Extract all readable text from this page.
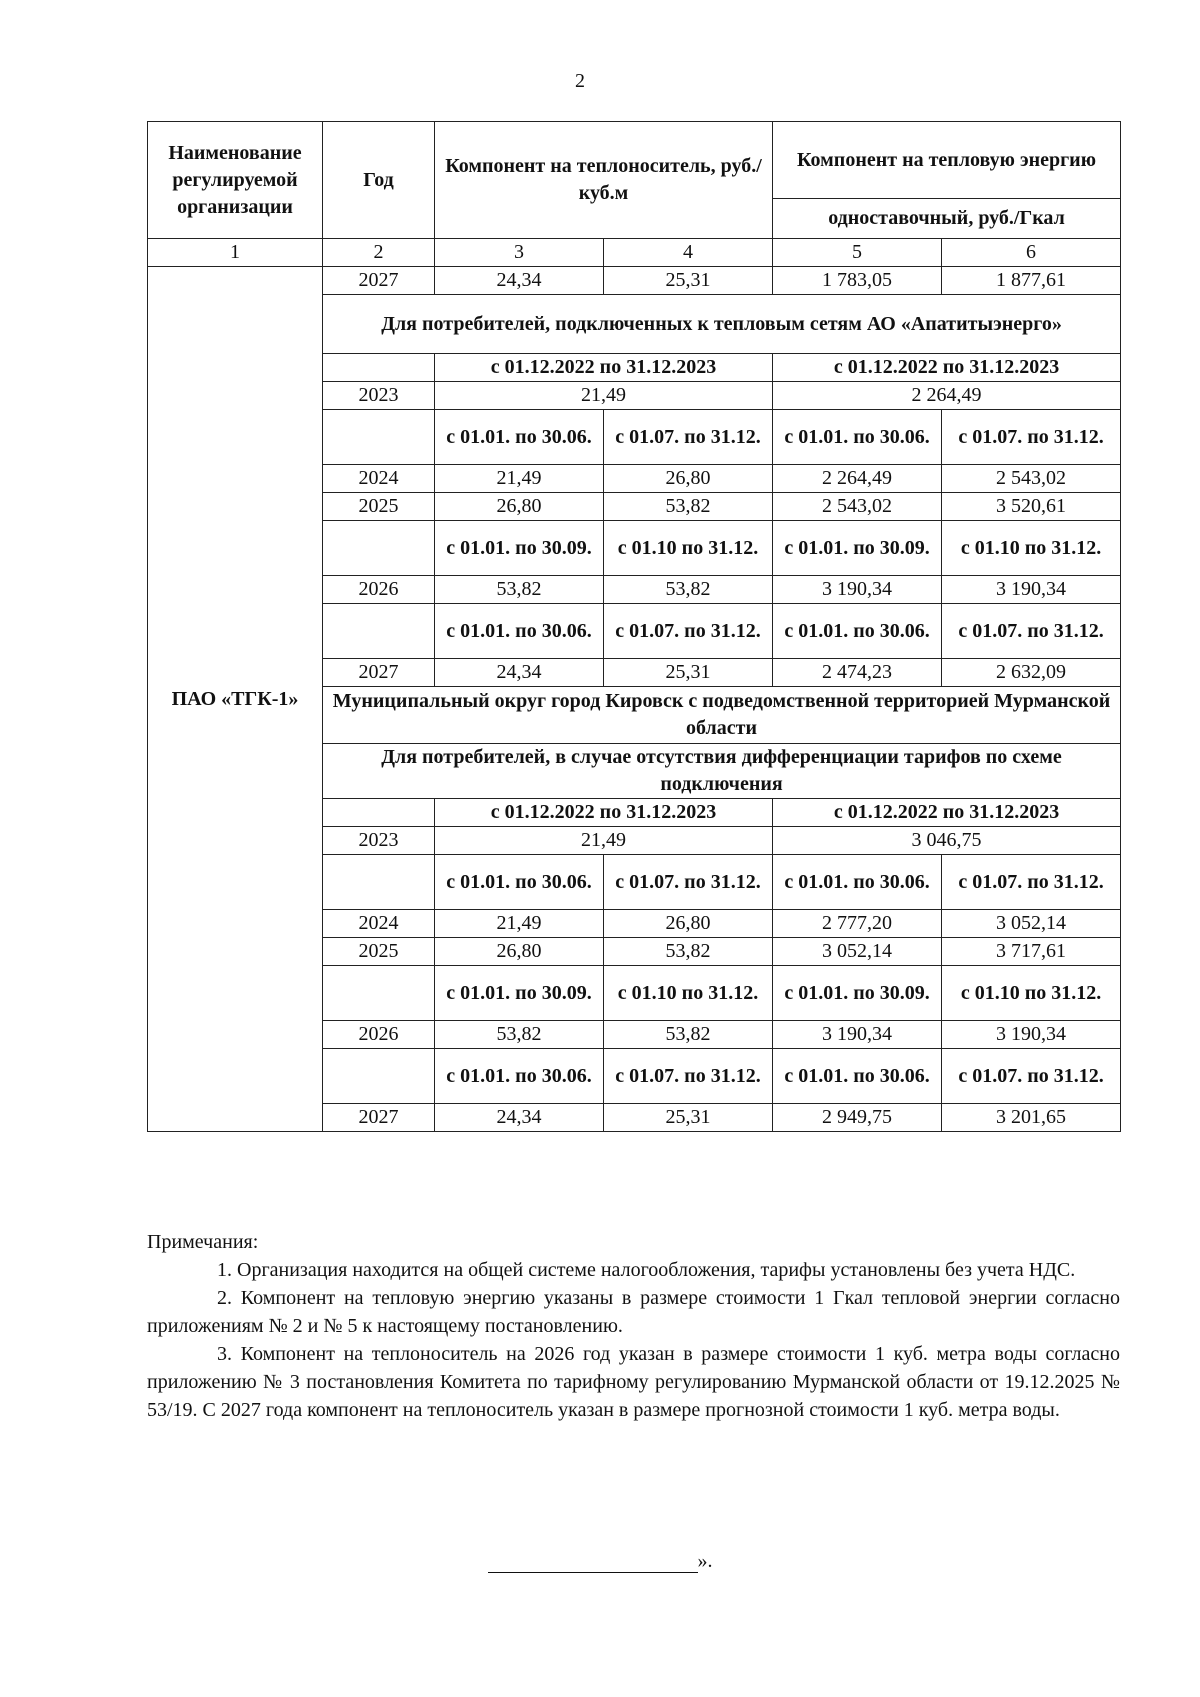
2
Наименование регулируемой организации	Год	Компонент на теплоноситель, руб./куб.м		Компонент на тепловую энергию	
				одноставочный, руб./Гкал	
1	2	3	4	5	6
ПАО «ТГК-1»	2027	24,34	25,31	1 783,05	1 877,61
	Для потребителей, подключенных к тепловым сетям АО «Апатитыэнерго»				
		с 01.12.2022 по 31.12.2023		с 01.12.2022 по 31.12.2023	
	2023	21,49		2 264,49	
		с 01.01. по 30.06.	с 01.07. по 31.12.	с 01.01. по 30.06.	с 01.07. по 31.12.
	2024	21,49	26,80	2 264,49	2 543,02
	2025	26,80	53,82	2 543,02	3 520,61
		с 01.01. по 30.09.	с 01.10 по 31.12.	с 01.01. по 30.09.	с 01.10 по 31.12.
	2026	53,82	53,82	3 190,34	3 190,34
		с 01.01. по 30.06.	с 01.07. по 31.12.	с 01.01. по 30.06.	с 01.07. по 31.12.
	2027	24,34	25,31	2 474,23	2 632,09
	Муниципальный округ город Кировск с подведомственной территорией Мурманской области				
	Для потребителей, в случае отсутствия дифференциации тарифов по схеме подключения				
		с 01.12.2022 по 31.12.2023		с 01.12.2022 по 31.12.2023	
	2023	21,49		3 046,75	
		с 01.01. по 30.06.	с 01.07. по 31.12.	с 01.01. по 30.06.	с 01.07. по 31.12.
	2024	21,49	26,80	2 777,20	3 052,14
	2025	26,80	53,82	3 052,14	3 717,61
		с 01.01. по 30.09.	с 01.10 по 31.12.	с 01.01. по 30.09.	с 01.10 по 31.12.
	2026	53,82	53,82	3 190,34	3 190,34
		с 01.01. по 30.06.	с 01.07. по 31.12.	с 01.01. по 30.06.	с 01.07. по 31.12.
	2027	24,34	25,31	2 949,75	3 201,65
Примечания:

1. Организация находится на общей системе налогообложения, тарифы установлены без учета НДС.

2. Компонент на тепловую энергию указаны в размере стоимости 1 Гкал тепловой энергии согласно приложениям № 2 и № 5 к настоящему постановлению.

3. Компонент на теплоноситель на 2026 год указан в размере стоимости 1 куб. метра воды согласно приложению № 3 постановления Комитета по тарифному регулированию Мурманской области от 19.12.2025 № 53/19. С 2027 года компонент на теплоноситель указан в размере прогнозной стоимости 1 куб. метра воды.

».
